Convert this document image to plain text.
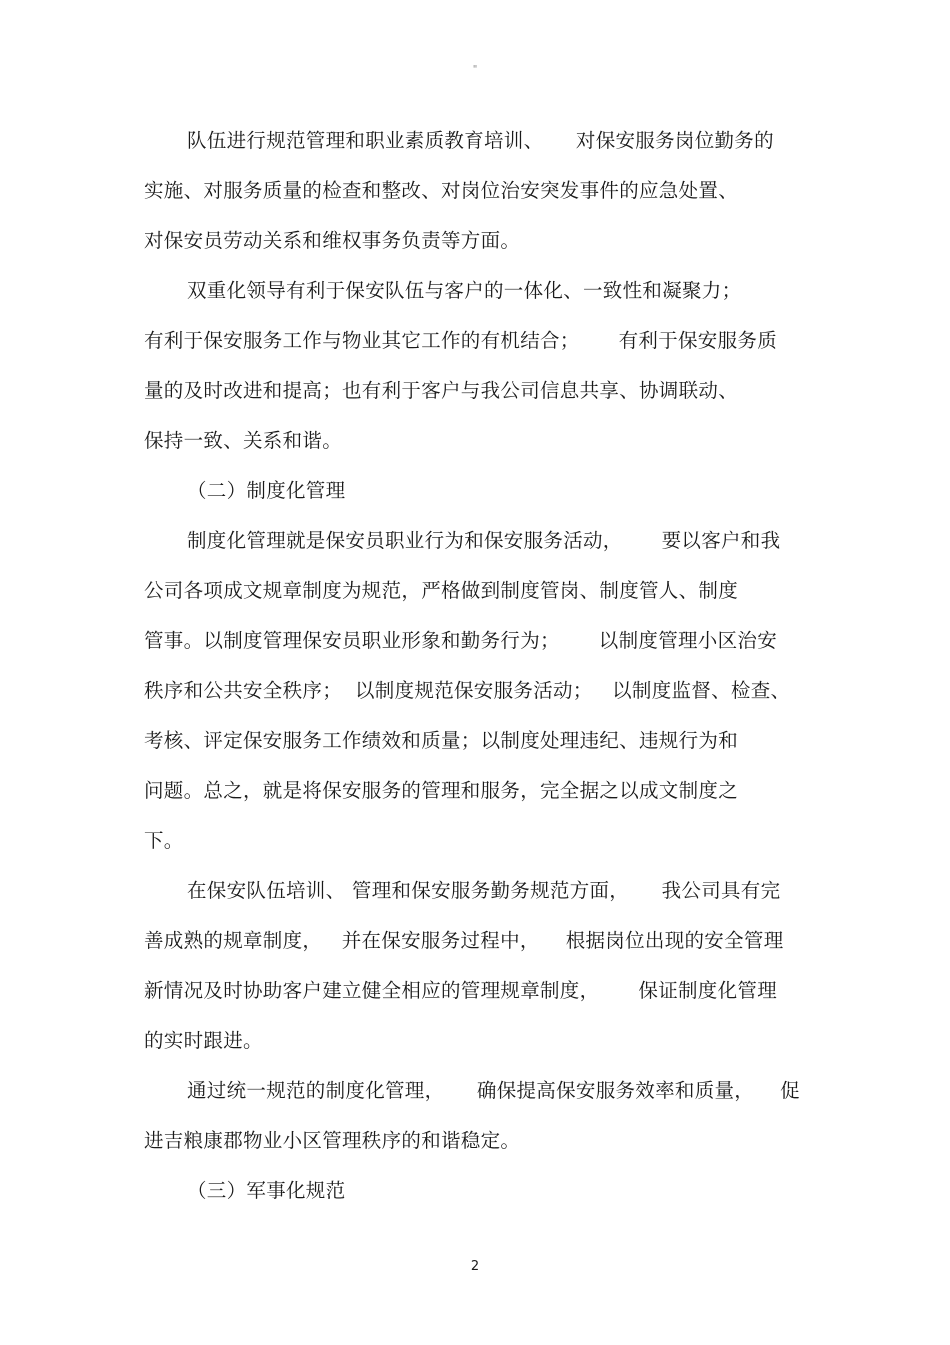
"

队伍进行规范管理和职业素质教育培训、     对保安服务岗位勤务的

实施、对服务质量的检查和整改、对岗位治安突发事件的应急处置、

对保安员劳动关系和维权事务负责等方面。

双重化领导有利于保安队伍与客户的一体化、一致性和凝聚力；

有利于保安服务工作与物业其它工作的有机结合；      有利于保安服务质

量的及时改进和提高；也有利于客户与我公司信息共享、协调联动、

保持一致、关系和谐。

（二）制度化管理

制度化管理就是保安员职业行为和保安服务活动，      要以客户和我

公司各项成文规章制度为规范，严格做到制度管岗、制度管人、制度

管事。以制度管理保安员职业形象和勤务行为；      以制度管理小区治安

秩序和公共安全秩序；  以制度规范保安服务活动；   以制度监督、检查、

考核、评定保安服务工作绩效和质量；以制度处理违纪、违规行为和

问题。总之，就是将保安服务的管理和服务，完全据之以成文制度之

下。

在保安队伍培训、 管理和保安服务勤务规范方面，     我公司具有完

善成熟的规章制度，   并在保安服务过程中，    根据岗位出现的安全管理

新情况及时协助客户建立健全相应的管理规章制度，      保证制度化管理

的实时跟进。

通过统一规范的制度化管理，     确保提高保安服务效率和质量，    促

进吉粮康郡物业小区管理秩序的和谐稳定。

（三）军事化规范

2
